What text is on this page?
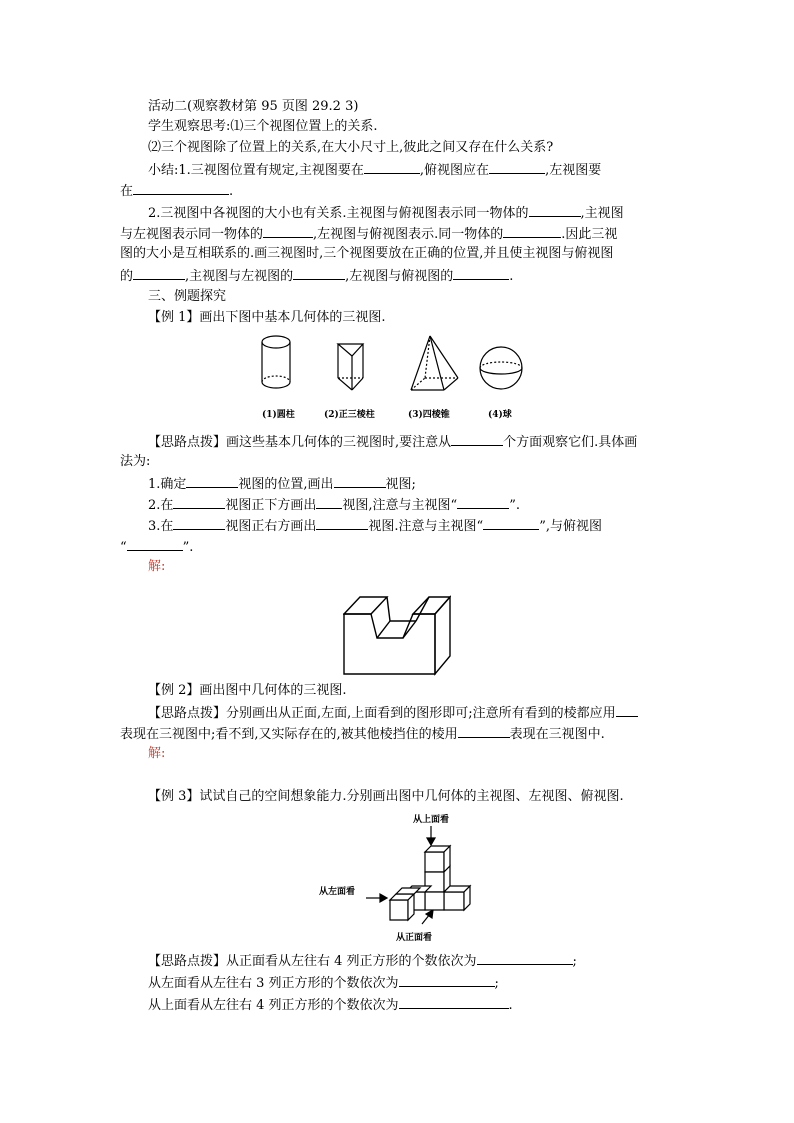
活动二(观察教材第 95 页图 29.2 3)
学生观察思考:⑴三个视图位置上的关系.
⑵三个视图除了位置上的关系,在大小尺寸上,彼此之间又存在什么关系?
小结:1.三视图位置有规定,主视图要在	,俯视图应在	,左视图要
在	.
2.三视图中各视图的大小也有关系.主视图与俯视图表示同一物体的	,主视图
与左视图表示同一物体的	,左视图与俯视图表示.同一物体的	.因此三视
图的大小是互相联系的.画三视图时,三个视图要放在正确的位置,并且使主视图与俯视图
的	,主视图与左视图的	,左视图与俯视图的	.
三、例题探究
【例 1】画出下图中基本几何体的三视图.
(1)圆柱	(2)正三棱柱	(3)四棱锥	(4)球
【思路点拨】画这些基本几何体的三视图时,要注意从	个方面观察它们.具体画
法为:
1.确定	视图的位置,画出	视图;
2.在	视图正下方画出 视图,注意与主视图“	”.
3.在	视图正右方画出	视图.注意与主视图“	”,与俯视图
“	”.
解:
【例 2】画出图中几何体的三视图.
【思路点拨】分别画出从正面,左面,上面看到的图形即可;注意所有看到的棱都应用
表现在三视图中;看不到,又实际存在的,被其他棱挡住的棱用	表现在三视图中.
解:
【例 3】试试自己的空间想象能力.分别画出图中几何体的主视图、左视图、俯视图.
从上面看
从左面看
从正面看
【思路点拨】从正面看从左往右 4 列正方形的个数依次为	;
从左面看从左往右 3 列正方形的个数依次为	;
从上面看从左往右 4 列正方形的个数依次为	.
